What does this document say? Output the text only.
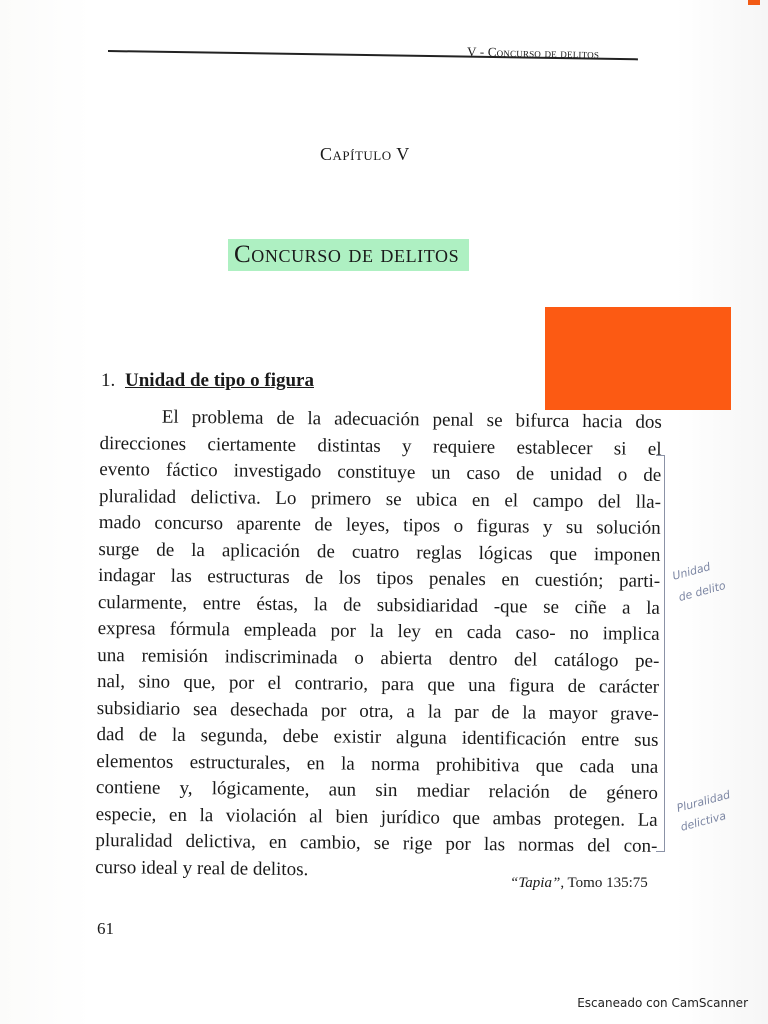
V - Concurso de delitos
Capítulo V
Concurso de delitos
1. Unidad de tipo o figura
El problema de la adecuación penal se bifurca hacia dos
direcciones ciertamente distintas y requiere establecer si el
evento fáctico investigado constituye un caso de unidad o de
pluralidad delictiva. Lo primero se ubica en el campo del lla-
mado concurso aparente de leyes, tipos o figuras y su solución
surge de la aplicación de cuatro reglas lógicas que imponen
indagar las estructuras de los tipos penales en cuestión; parti-
cularmente, entre éstas, la de subsidiaridad -que se ciñe a la
expresa fórmula empleada por la ley en cada caso- no implica
una remisión indiscriminada o abierta dentro del catálogo pe-
nal, sino que, por el contrario, para que una figura de carácter
subsidiario sea desechada por otra, a la par de la mayor grave-
dad de la segunda, debe existir alguna identificación entre sus
elementos estructurales, en la norma prohibitiva que cada una
contiene y, lógicamente, aun sin mediar relación de género
especie, en la violación al bien jurídico que ambas protegen. La
pluralidad delictiva, en cambio, se rige por las normas del con-
curso ideal y real de delitos.
Unidad
de delito
Pluralidad
delictiva
“Tapia”, Tomo 135:75
61
Escaneado con CamScanner
